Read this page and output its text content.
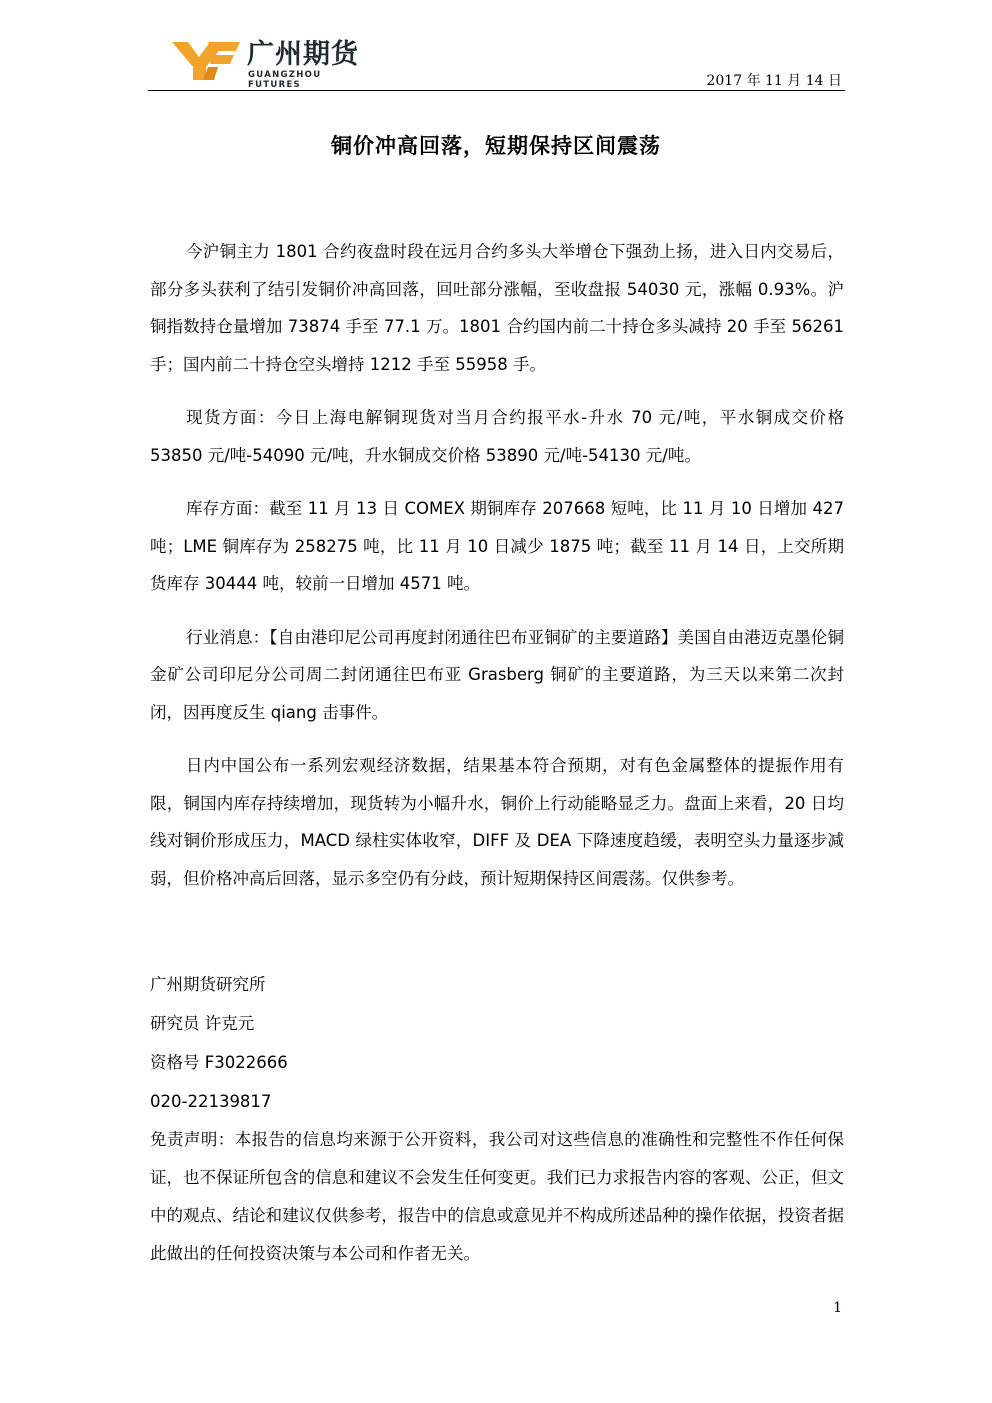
广州期货
GUANGZHOU FUTURES	2017 年 11 月 14 日
铜价冲高回落，短期保持区间震荡

今沪铜主力 1801 合约夜盘时段在远月合约多头大举增仓下强劲上扬，进入日内交易后，部分多头获利了结引发铜价冲高回落，回吐部分涨幅，至收盘报 54030 元，涨幅 0.93%。沪铜指数持仓量增加 73874 手至 77.1 万。1801 合约国内前二十持仓多头减持 20 手至 56261 手；国内前二十持仓空头增持 1212 手至 55958 手。

现货方面：今日上海电解铜现货对当月合约报平水-升水 70 元/吨，平水铜成交价格 53850 元/吨-54090 元/吨，升水铜成交价格 53890 元/吨-54130 元/吨。

库存方面：截至 11 月 13 日 COMEX 期铜库存 207668 短吨，比 11 月 10 日增加 427 吨；LME 铜库存为 258275 吨，比 11 月 10 日减少 1875 吨；截至 11 月 14 日，上交所期货库存 30444 吨，较前一日增加 4571 吨。

行业消息：【自由港印尼公司再度封闭通往巴布亚铜矿的主要道路】美国自由港迈克墨伦铜金矿公司印尼分公司周二封闭通往巴布亚 Grasberg 铜矿的主要道路，为三天以来第二次封闭，因再度反生 qiang 击事件。

日内中国公布一系列宏观经济数据，结果基本符合预期，对有色金属整体的提振作用有限，铜国内库存持续增加，现货转为小幅升水，铜价上行动能略显乏力。盘面上来看，20 日均线对铜价形成压力，MACD 绿柱实体收窄，DIFF 及 DEA 下降速度趋缓，表明空头力量逐步减弱，但价格冲高后回落，显示多空仍有分歧，预计短期保持区间震荡。仅供参考。

广州期货研究所
研究员 许克元
资格号 F3022666
020-22139817
免责声明：本报告的信息均来源于公开资料，我公司对这些信息的准确性和完整性不作任何保证，也不保证所包含的信息和建议不会发生任何变更。我们已力求报告内容的客观、公正，但文中的观点、结论和建议仅供参考，报告中的信息或意见并不构成所述品种的操作依据，投资者据此做出的任何投资决策与本公司和作者无关。
1
